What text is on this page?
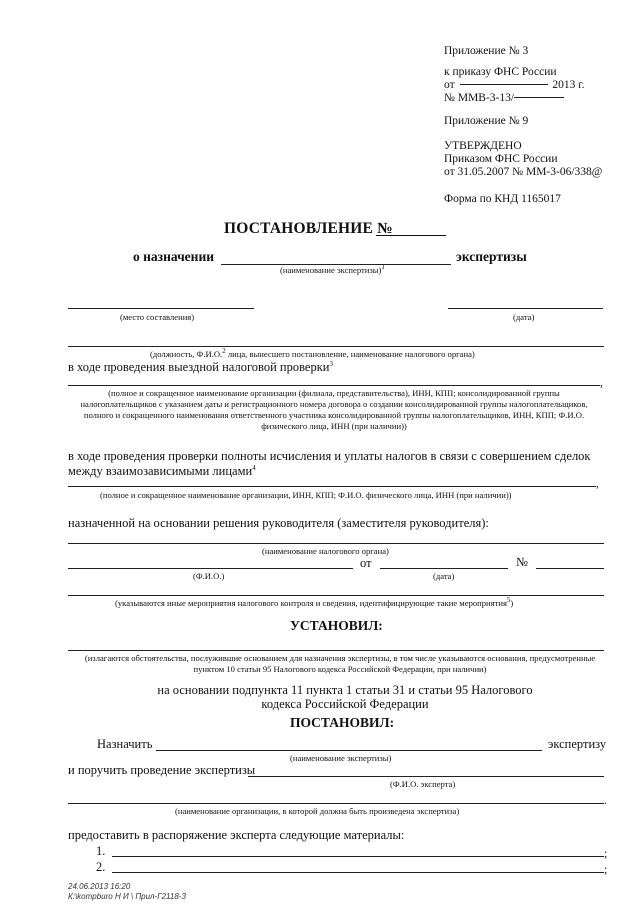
Приложение № 3
к приказу ФНС России
от	2013 г.
№ ММВ-3-13/
Приложение № 9
УТВЕРЖДЕНО
Приказом ФНС России
от 31.05.2007 № ММ-3-06/338@
Форма по КНД 1165017
ПОСТАНОВЛЕНИЕ №
о назначении	экспертизы
(наименование экспертизы)$^1$
(место составления)	(дата)
(должность, Ф.И.О.$^2$ лица, вынесшего постановление, наименование налогового органа)
в ходе проведения выездной налоговой проверки$^3$
,
(полное и сокращенное наименование организации (филиала, представительства), ИНН, КПП; консолидированной группы налогоплательщиков с указанием даты и регистрационного номера договора о создании консолидированной группы налогоплательщиков, полного и сокращенного наименования ответственного участника консолидированной группы налогоплательщиков, ИНН, КПП; Ф.И.О. физического лица, ИНН (при наличии))
в ходе проведения проверки полноты исчисления и уплаты налогов в связи с совершением сделок между взаимозависимыми лицами$^4$
,
(полное и сокращенное наименование организации, ИНН, КПП; Ф.И.О. физического лица, ИНН (при наличии))
назначенной на основании решения руководителя (заместителя руководителя):
(наименование налогового органа)
от	№
(Ф.И.О.)	(дата)
(указываются иные мероприятия налогового контроля и сведения, идентифицирующие такие мероприятия$^5$)
УСТАНОВИЛ:
(излагаются обстоятельства, послужившие основанием для назначения экспертизы, в том числе указываются основания, предусмотренные пунктом 10 статьи 95 Налогового кодекса Российской Федерации, при наличии)
на основании подпункта 11 пункта 1 статьи 31 и статьи 95 Налогового кодекса Российской Федерации
ПОСТАНОВИЛ:
Назначить	экспертизу
(наименование экспертизы)
и поручить проведение экспертизы
(Ф.И.О. эксперта)
.
(наименование организации, в которой должна быть произведена экспертиза)
предоставить в распоряжение эксперта следующие материалы:
1.	;
2.	;
24.06.2013 16:20
К:\kompburo Н И \ Прил-Г2118-3
